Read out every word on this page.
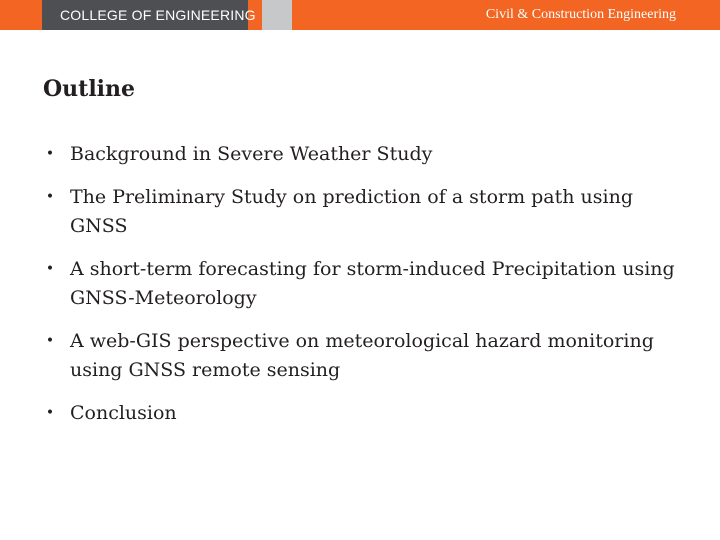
COLLEGE OF ENGINEERING	Civil & Construction Engineering
Outline
• Background in Severe Weather Study
• The Preliminary Study on prediction of a storm path using GNSS
• A short-term forecasting for storm-induced Precipitation using GNSS-Meteorology
• A web-GIS perspective on meteorological hazard monitoring using GNSS remote sensing
• Conclusion
